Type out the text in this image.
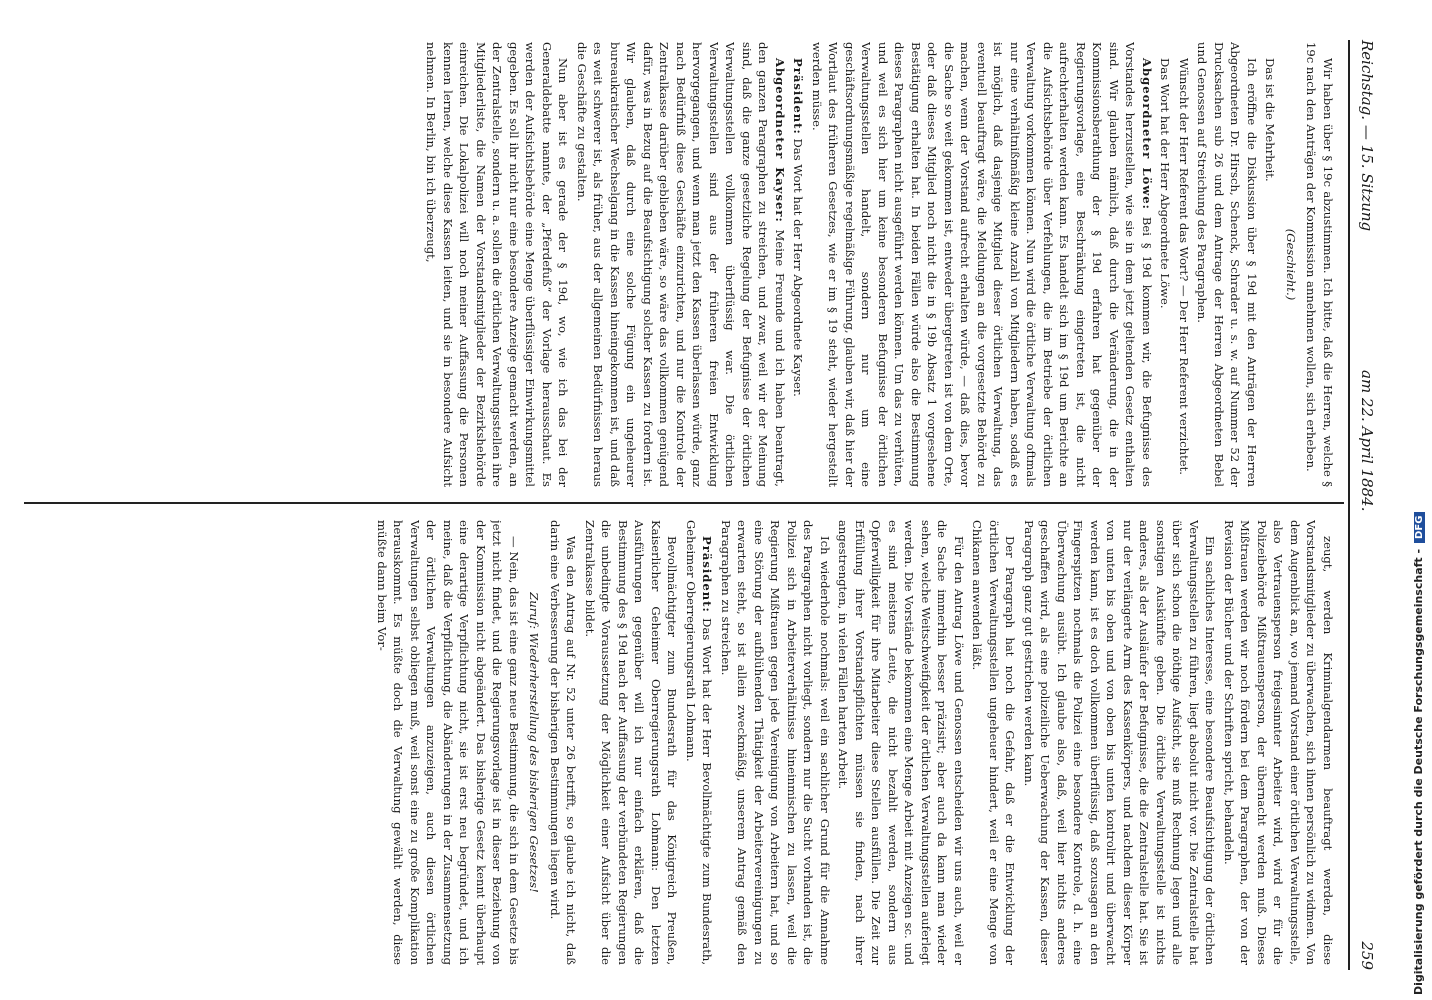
Reichstag. — 15. Sitzung
am 22. April 1884.
259

Wir haben über § 19c abzustimmen. Ich bitte, daß die Herren, welche § 19c nach den Anträgen der Kommission annehmen wollen, sich erheben.

(Geschieht.)

Das ist die Mehrheit.

Ich eröffne die Diskussion über § 19d mit den Anträgen der Herren Abgeordneten Dr. Hirsch, Schenck, Schrader u. s. w. auf Nummer 52 der Drucksachen sub 26 und dem Antrage der Herren Abgeordneten Bebel und Genossen auf Streichung des Paragraphen.

Wünscht der Herr Referent das Wort? — Der Herr Referent verzichtet.

Das Wort hat der Herr Abgeordnete Löwe.

Abgeordneter Löwe: Bei § 19d kommen wir, die Befugnisse des Vorstandes herzustellen, wie sie in dem jetzt geltenden Gesetz enthalten sind. Wir glauben nämlich, daß durch die Veränderung, die in der Kommissionsberathung der § 19d erfahren hat gegenüber der Regierungsvorlage, eine Beschränkung eingetreten ist, die nicht aufrechterhalten werden kann. Es handelt sich im § 19d um Berichte an die Aufsichtsbehörde über Verfehlungen, die im Betriebe der örtlichen Verwaltung vorkommen können. Nun wird die örtliche Verwaltung oftmals nur eine verhältnißmäßig kleine Anzahl von Mitgliedern haben, sodaß es ist möglich, daß dasjenige Mitglied dieser örtlichen Verwaltung, das eventuell beauftragt wäre, die Meldungen an die vorgesetzte Behörde zu machen, wenn der Vorstand aufrecht erhalten würde, — daß dies, bevor die Sache so weit gekommen ist, entweder übergetreten ist von dem Orte, oder daß dieses Mitglied noch nicht die in § 19b Absatz 1 vorgesehene Bestätigung erhalten hat. In beiden Fällen würde also die Bestimmung dieses Paragraphen nicht ausgeführt werden können. Um das zu verhüten, und weil es sich hier um keine besonderen Befugnisse der örtlichen Verwaltungsstellen handelt, sondern nur um eine geschäftsordnungsmäßige regelmäßige Führung, glauben wir, daß hier der Wortlaut des früheren Gesetzes, wie er im § 19 steht, wieder hergestellt werden müsse.

Präsident: Das Wort hat der Herr Abgeordnete Kayser.

Abgeordneter Kayser: Meine Freunde und ich haben beantragt, den ganzen Paragraphen zu streichen, und zwar, weil wir der Meinung sind, daß die ganze gesetzliche Regelung der Befugnisse der örtlichen Verwaltungsstellen vollkommen überflüssig war. Die örtlichen Verwaltungsstellen sind aus der früheren freien Entwicklung hervorgegangen, und wenn man jetzt den Kassen überlassen würde, ganz nach Bedürfniß diese Geschäfte einzurichten, und nur die Kontrole der Zentralkasse darüber geblieben wäre, so wäre das vollkommen genügend dafür, was in Bezug auf die Beaufsichtigung solcher Kassen zu fordern ist. Wir glauben, daß durch eine solche Fügung ein ungeheurer bureaukratischer Wechselgang in die Kassen hineingekommen ist, und daß es weit schwerer ist, als früher, aus der allgemeinen Bedürfnissen heraus die Geschäfte zu gestalten.

Nun aber ist es gerade der § 19d, wo, wie ich das bei der Generaldebatte nannte, der „Pferdefuß“ der Vorlage herausschaut. Es werden der Aufsichtsbehörde eine Menge überflüssiger Einwirkungsmittel gegeben. Es soll ihr nicht nur eine besondere Anzeige gemacht werden, an der Zentralstelle, sondern u. a. sollen die örtlichen Verwaltungsstellen ihre Mitgliederliste, die Namen der Vorstandsmitglieder der Bezirkshehörde einreichen. Die Lokalpolizei will noch meiner Auffassung die Personen kennen lernen, welche diese Kassen leiten, und sie in besondere Aufsicht nehmen. In Berlin, bin ich überzeugt,

zeugt, werden Kriminalgendarmen beauftragt werden, diese Vorstandsmitglieder zu überwachen, sich ihnen persönlich zu widmen. Von dem Augenblick an, wo jemand Vorstand einer örtlichen Verwaltungsstelle, also Vertrauensperson freigesinnter Arbeiter wird, wird er für die Polizeibehörde Mißtrauensperson, der übernacht werden muß. Dieses Mißtrauen werden wir noch fördern bei dem Paragraphen, der von der Revision der Bücher und der Schriften spricht, behandeln.

Ein sachliches Interesse, eine besondere Beaufsichtigung der örtlichen Verwaltungsstellen zu führen, liegt absolut nicht vor. Die Zentralstelle hat über sich schon die nöthige Aufsicht, sie muß Rechnung legen und alle sonstigen Auskünfte geben. Die örtliche Verwaltungsstelle ist nichts anderes, als der Ausläufer der Befugnisse, die die Zentralstelle hat. Sie ist nur der verlängerte Arm des Kassenkörpers, und nachdem dieser Körper von unten bis oben und von oben bis unten kontrolirt und überwacht werden kann, ist es doch vollkommen überflüssig, daß sozusagen an den Fingerspitzen nochmals die Polizei eine besondere Kontrole, d. h. eine Überwachung ausübt. Ich glaube also, daß, weil hier nichts anderes geschaffen wird, als eine polizeiliche Ueberwachung der Kassen, dieser Paragraph ganz gut gestrichen werden kann.

Der Paragraph hat noch die Gefahr, daß er die Entwicklung der örtlichen Verwaltungsstellen ungeheuer hindert, weil er eine Menge von Chikanen anwenden läßt.

Für den Antrag Löwe und Genossen entscheiden wir uns auch, weil er die Sache immerhin besser präzisirt; aber auch da kann man wieder sehen, welche Weitschweifigkeit der örtlichen Verwaltungsstellen auferlegt werden. Die Vorstände bekommen eine Menge Arbeit mit Anzeigen sc. und es sind meistens Leute, die nicht bezahlt werden, sondern aus Opferwilligkeit für ihre Mitarbeiter diese Stellen ausfüllen. Die Zeit zur Erfüllung ihrer Vorstandspflichten müssen sie finden, nach ihrer angestrengten, in vielen Fällen harten Arbeit.

Ich wiederhole nochmals: weil ein sachlicher Grund für die Annahme des Paragraphen nicht vorliegt, sondern nur die Sucht vorhanden ist, die Polizei sich in Arbeiterverhältnisse hineinmischen zu lassen, weil die Regierung Mißtrauen gegen jede Vereinigung von Arbeitern hat, und so eine Störung der aufblühenden Thätigkeit der Arbeitervereinigungen zu erwarten steht, so ist allein zweckmäßig, unserem Antrag gemäß den Paragraphen zu streichen.

Präsident: Das Wort hat der Herr Bevollmächtigte zum Bundesrath, Geheimer Oberregierungsrath Lohmann.

Bevollmächtigter zum Bundesrath für das Königreich Preußen, Kaiserlicher Geheimer Oberregierungsrath Lohmann: Den letzten Ausführungen gegenüber will ich nur einfach erklären, daß die Bestimmung des § 19d nach der Auffassung der verbündeten Regierungen die unbedingte Voraussetzung der Möglichkeit einer Aufsicht über die Zentralkasse bildet.

Was den Antrag auf Nr. 52 unter 26 betrifft, so glaube ich nicht, daß darin eine Verbesserung der bisherigen Bestimmungen liegen wird.

Zuruf: Wiederherstellung des bisherigen Gesetzes!

— Nein, das ist eine ganz neue Bestimmung, die sich in dem Gesetze bis jetzt nicht findet, und die Regierungsvorlage ist in dieser Beziehung von der Kommission nicht abgeändert. Das bisherige Gesetz kennt überhaupt eine derartige Verpflichtung nicht, sie ist erst neu begründet, und ich meine, daß die Verpflichtung, die Abänderungen in der Zusammensetzung der örtlichen Verwaltungen anzuzeigen, auch diesen örtlichen Verwaltungen selbst obliegen muß, weil sonst eine zu große Komplikation herauskommt. Es müßte doch die Verwaltung gewählt werden, diese müßte dann beim Vor-	Digitalisierung gefördert durch die Deutsche Forschungsgemeinschaft -DFG
